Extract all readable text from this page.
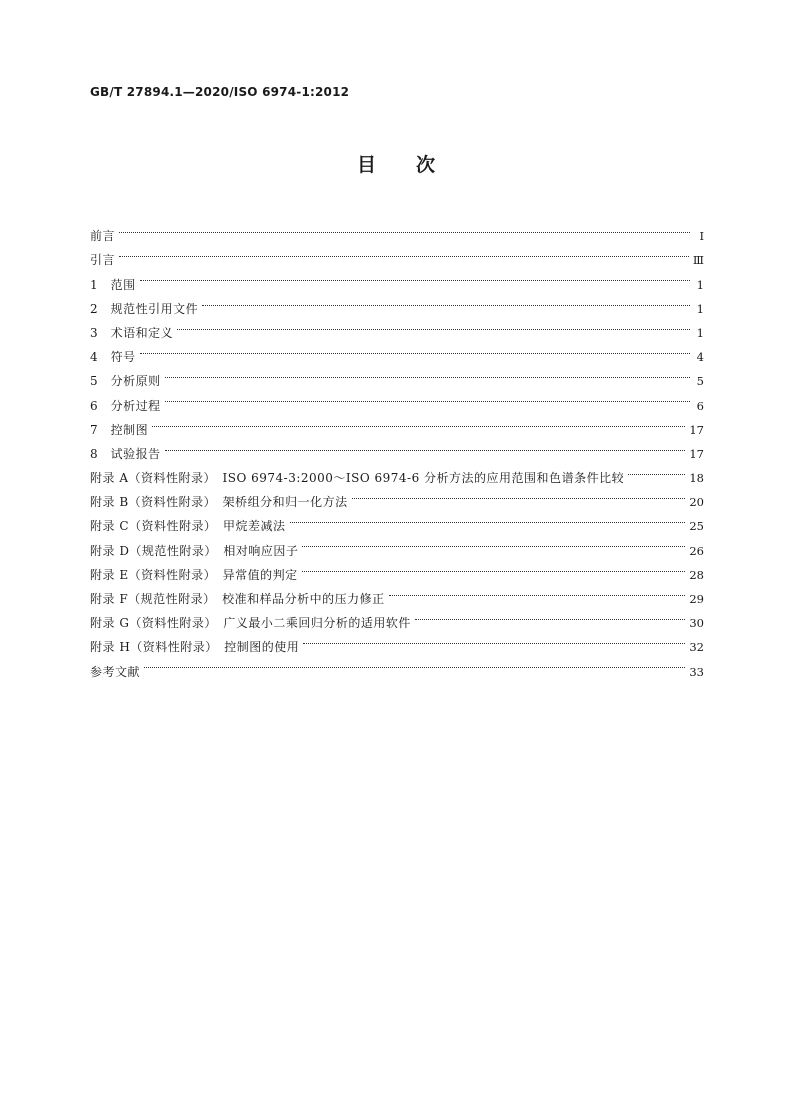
GB/T 27894.1—2020/ISO 6974-1:2012
目次
前言	Ⅰ
引言	Ⅲ
1　范围	1
2　规范性引用文件	1
3　术语和定义	1
4　符号	4
5　分析原则	5
6　分析过程	6
7　控制图	17
8　试验报告	17
附录 A（资料性附录）　ISO 6974-3:2000～ISO 6974-6 分析方法的应用范围和色谱条件比较	18
附录 B（资料性附录）　架桥组分和归一化方法	20
附录 C（资料性附录）　甲烷差减法	25
附录 D（规范性附录）　相对响应因子	26
附录 E（资料性附录）　异常值的判定	28
附录 F（规范性附录）　校准和样品分析中的压力修正	29
附录 G（资料性附录）　广义最小二乘回归分析的适用软件	30
附录 H（资料性附录）　控制图的使用	32
参考文献	33
